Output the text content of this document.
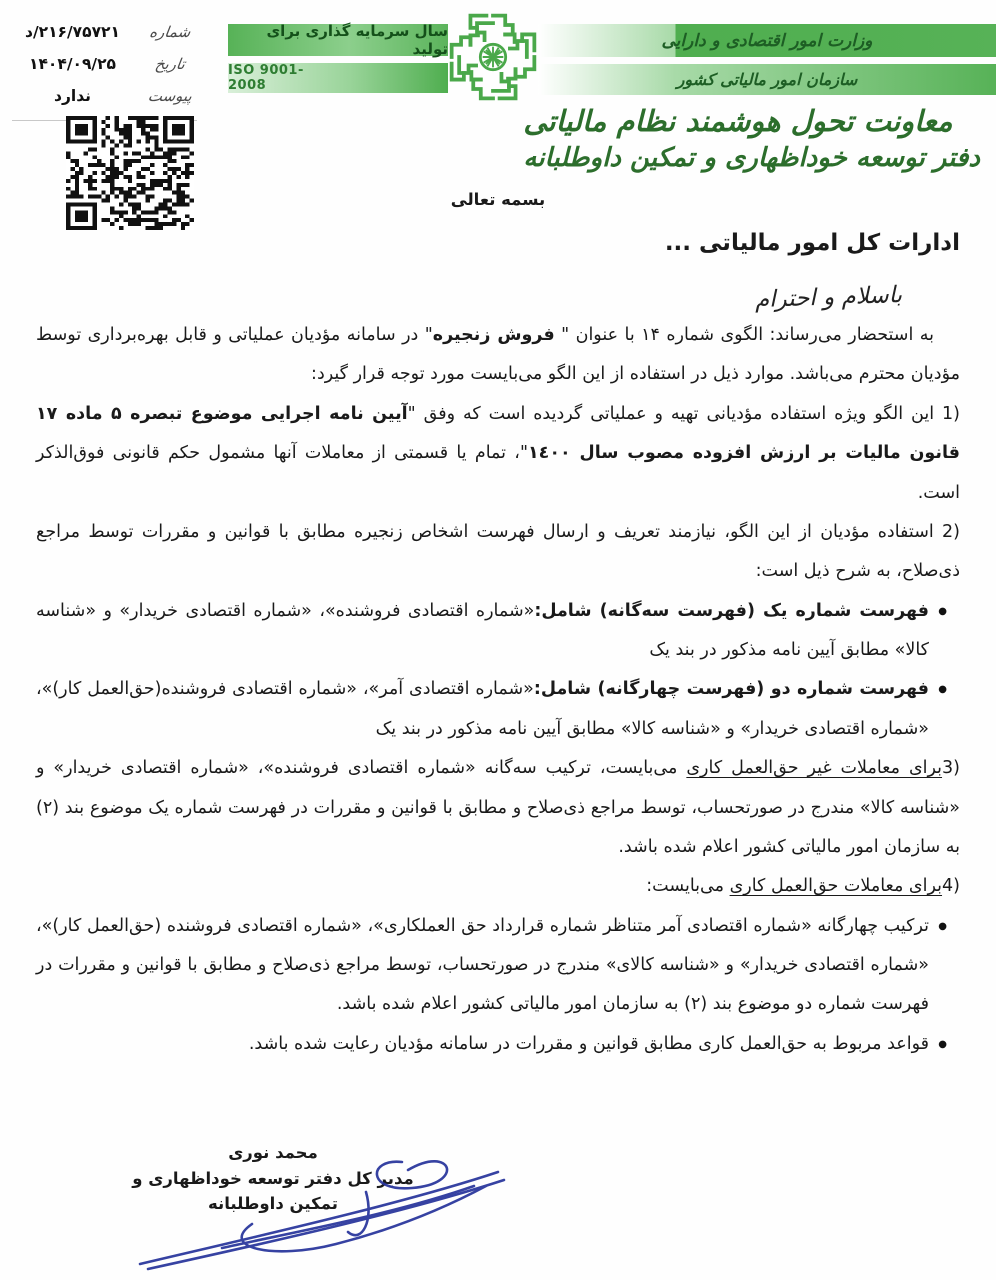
شماره
۲۱۶/۷۵۷۲۱/د
تاریخ
۱۴۰۴/۰۹/۲۵
پیوست
ندارد
سال سرمایه گذاری برای تولید
ISO 9001-2008
وزارت امور اقتصادی و دارایی
سازمان امور مالیاتی کشور
معاونت تحول هوشمند نظام مالیاتی
دفتر توسعه خوداظهاری و تمکین داوطلبانه
بسمه تعالی
ادارات کل امور مالیاتی ...
باسلام و احترام

به استحضار می‌رساند: الگوی شماره ۱۴ با عنوان " فروش زنجیره" در سامانه مؤدیان عملیاتی و قابل بهره‌برداری توسط مؤدیان محترم می‌باشد. موارد ذیل در استفاده از این الگو می‌بایست مورد توجه قرار گیرد:

1) این الگو ویژه استفاده مؤدیانی تهیه و عملیاتی گردیده است که وفق "آیین نامه اجرایی موضوع تبصره ۵ ماده ۱۷ قانون مالیات بر ارزش افزوده مصوب سال ١٤٠٠"، تمام یا قسمتی از معاملات آنها مشمول حکم قانونی فوق‌الذکر است.

2) استفاده مؤدیان از این الگو، نیازمند تعریف و ارسال فهرست اشخاص زنجیره مطابق با قوانین و مقررات توسط مراجع ذی‌صلاح، به شرح ذیل است:

● فهرست شماره یک (فهرست سه‌گانه) شامل:«شماره اقتصادی فروشنده»، «شماره اقتصادی خریدار» و «شناسه کالا» مطابق آیین نامه مذکور در بند یک
● فهرست شماره دو (فهرست چهارگانه) شامل:«شماره اقتصادی آمر»، «شماره اقتصادی فروشنده(حق‌العمل کار)»، «شماره اقتصادی خریدار» و «شناسه کالا» مطابق آیین نامه مذکور در بند یک

3)برای معاملات غیر حق‌العمل کاری می‌بایست، ترکیب سه‌گانه «شماره اقتصادی فروشنده»، «شماره اقتصادی خریدار» و «شناسه کالا» مندرج در صورتحساب، توسط مراجع ذی‌صلاح و مطابق با قوانین و مقررات در فهرست شماره یک موضوع بند (۲) به سازمان امور مالیاتی کشور اعلام شده باشد.

4)برای معاملات حق‌العمل کاری می‌بایست:

● ترکیب چهارگانه «شماره اقتصادی آمر متناظر شماره قرارداد حق العملکاری»، «شماره اقتصادی فروشنده (حق‌العمل کار)»، «شماره اقتصادی خریدار» و «شناسه کالای» مندرج در صورتحساب، توسط مراجع ذی‌صلاح و مطابق با قوانین و مقررات در فهرست شماره دو موضوع بند (۲) به سازمان امور مالیاتی کشور اعلام شده باشد.
● قواعد مربوط به حق‌العمل کاری مطابق قوانین و مقررات در سامانه مؤدیان رعایت شده باشد.
محمد نوری
مدیر کل دفتر توسعه خوداظهاری و تمکین داوطلبانه
